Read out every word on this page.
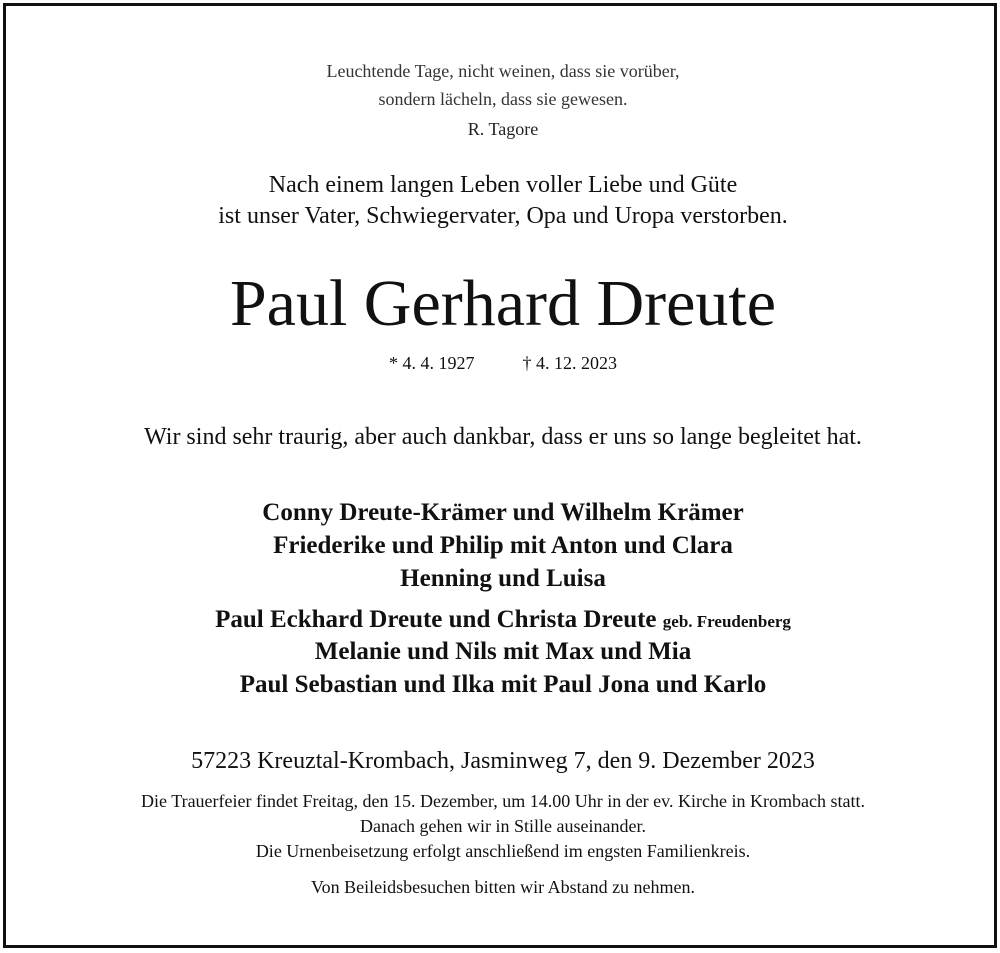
Leuchtende Tage, nicht weinen, dass sie vorüber,
sondern lächeln, dass sie gewesen.
R. Tagore
Nach einem langen Leben voller Liebe und Güte
ist unser Vater, Schwiegervater, Opa und Uropa verstorben.
Paul Gerhard Dreute
* 4. 4. 1927	† 4. 12. 2023
Wir sind sehr traurig, aber auch dankbar, dass er uns so lange begleitet hat.
Conny Dreute-Krämer und Wilhelm Krämer
Friederike und Philip mit Anton und Clara
Henning und Luisa
Paul Eckhard Dreute und Christa Dreute geb. Freudenberg
Melanie und Nils mit Max und Mia
Paul Sebastian und Ilka mit Paul Jona und Karlo
57223 Kreuztal-Krombach, Jasminweg 7, den 9. Dezember 2023
Die Trauerfeier findet Freitag, den 15. Dezember, um 14.00 Uhr in der ev. Kirche in Krombach statt.
Danach gehen wir in Stille auseinander.
Die Urnenbeisetzung erfolgt anschließend im engsten Familienkreis.
Von Beileidsbesuchen bitten wir Abstand zu nehmen.
